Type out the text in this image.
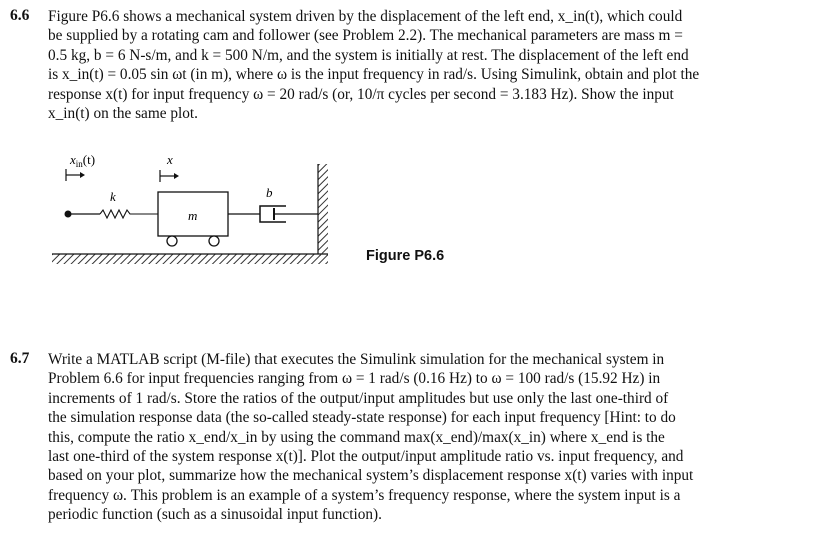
6.6 Figure P6.6 shows a mechanical system driven by the displacement of the left end, x_in(t), which could
be supplied by a rotating cam and follower (see Problem 2.2). The mechanical parameters are mass m =
0.5 kg, b = 6 N-s/m, and k = 500 N/m, and the system is initially at rest. The displacement of the left end
is x_in(t) = 0.05 sin ωt (in m), where ω is the input frequency in rad/s. Using Simulink, obtain and plot the
response x(t) for input frequency ω = 20 rad/s (or, 10/π cycles per second = 3.183 Hz). Show the input
x_in(t) on the same plot.
$x_{in}(t)$	x
k
m
b
Figure P6.6
6.7 Write a MATLAB script (M-file) that executes the Simulink simulation for the mechanical system in
Problem 6.6 for input frequencies ranging from ω = 1 rad/s (0.16 Hz) to ω = 100 rad/s (15.92 Hz) in
increments of 1 rad/s. Store the ratios of the output/input amplitudes but use only the last one-third of
the simulation response data (the so-called steady-state response) for each input frequency [Hint: to do
this, compute the ratio x_end/x_in by using the command max(x_end)/max(x_in) where x_end is the
last one-third of the system response x(t)]. Plot the output/input amplitude ratio vs. input frequency, and
based on your plot, summarize how the mechanical system’s displacement response x(t) varies with input
frequency ω. This problem is an example of a system’s frequency response, where the system input is a
periodic function (such as a sinusoidal input function).
